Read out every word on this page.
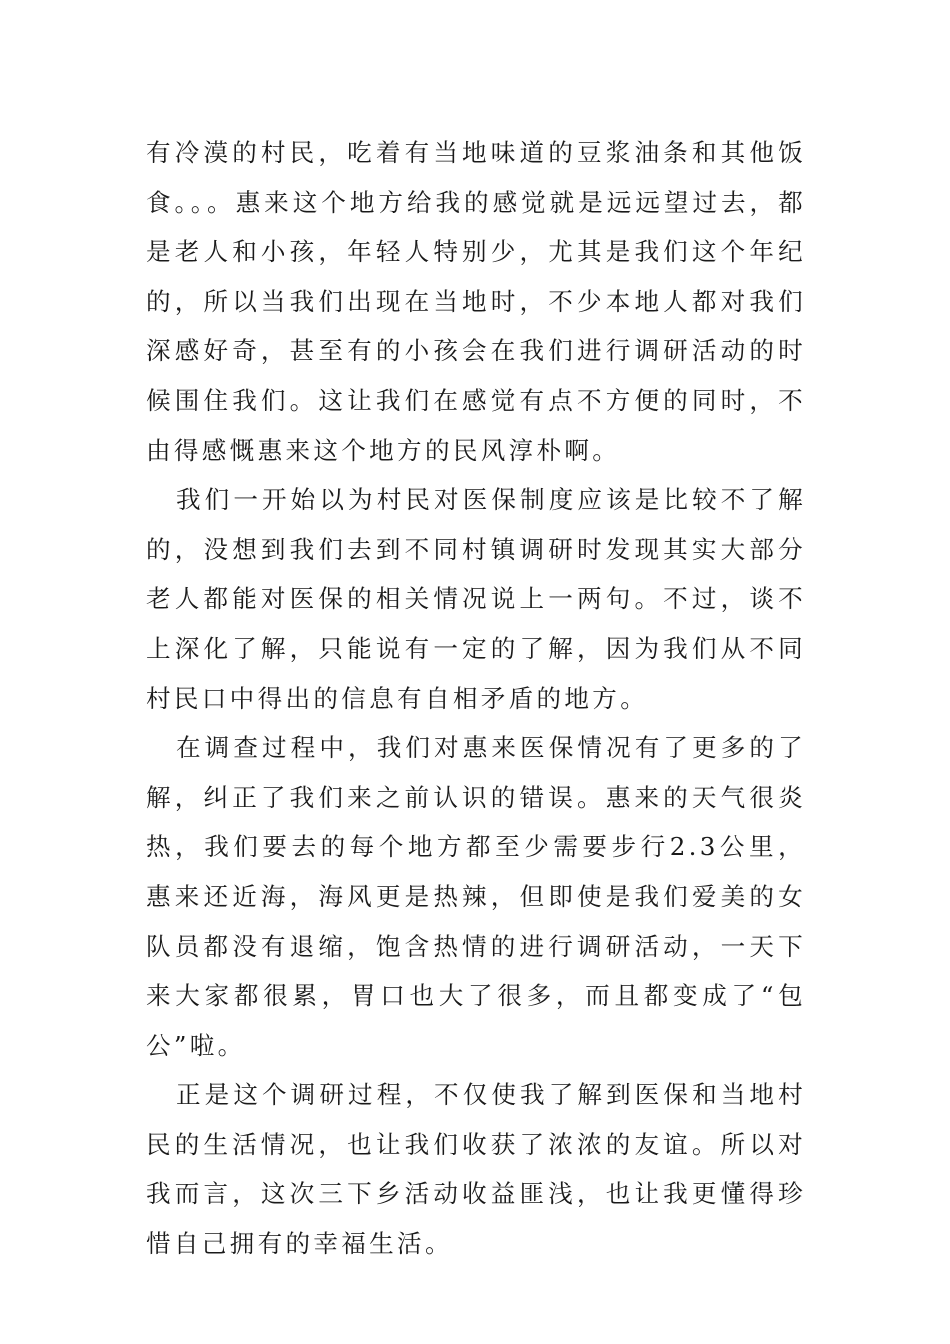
有冷漠的村民，吃着有当地味道的豆浆油条和其他饭食。。。惠来这个地方给我的感觉就是远远望过去，都是老人和小孩，年轻人特别少，尤其是我们这个年纪的，所以当我们出现在当地时，不少本地人都对我们深感好奇，甚至有的小孩会在我们进行调研活动的时候围住我们。这让我们在感觉有点不方便的同时，不由得感慨惠来这个地方的民风淳朴啊。

我们一开始以为村民对医保制度应该是比较不了解的，没想到我们去到不同村镇调研时发现其实大部分老人都能对医保的相关情况说上一两句。不过，谈不上深化了解，只能说有一定的了解，因为我们从不同村民口中得出的信息有自相矛盾的地方。

在调查过程中，我们对惠来医保情况有了更多的了解，纠正了我们来之前认识的错误。惠来的天气很炎热，我们要去的每个地方都至少需要步行2.3公里，惠来还近海，海风更是热辣，但即使是我们爱美的女队员都没有退缩，饱含热情的进行调研活动，一天下来大家都很累，胃口也大了很多，而且都变成了“包公”啦。

正是这个调研过程，不仅使我了解到医保和当地村民的生活情况，也让我们收获了浓浓的友谊。所以对我而言，这次三下乡活动收益匪浅，也让我更懂得珍惜自己拥有的幸福生活。
